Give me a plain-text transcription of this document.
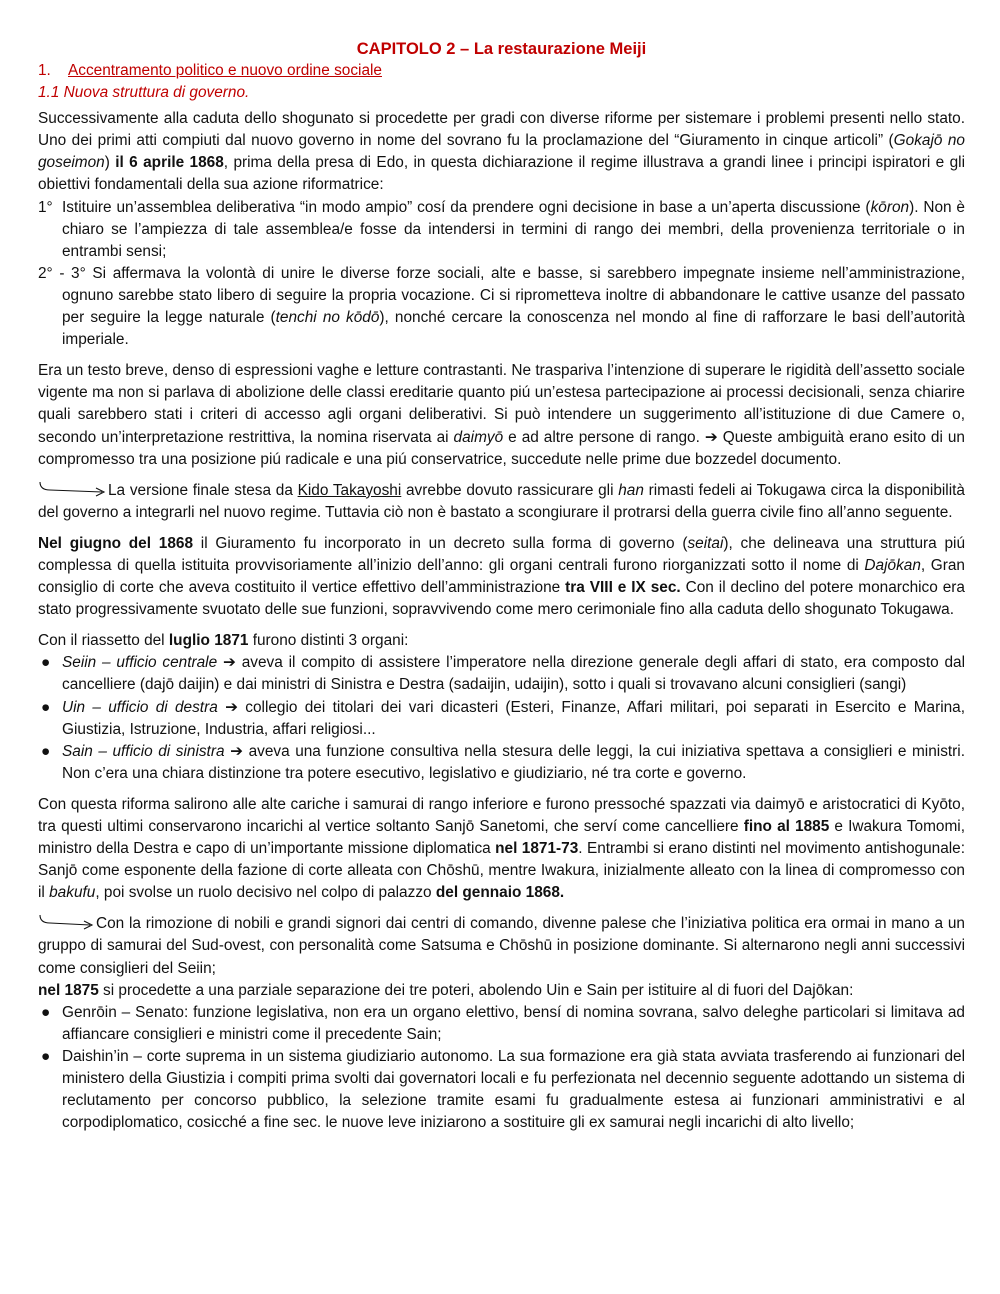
CAPITOLO 2 – La restaurazione Meiji
1. Accentramento politico e nuovo ordine sociale
1.1 Nuova struttura di governo.

Successivamente alla caduta dello shogunato si procedette per gradi con diverse riforme per sistemare i problemi presenti nello stato. Uno dei primi atti compiuti dal nuovo governo in nome del sovrano fu la proclamazione del “Giuramento in cinque articoli” (Gokajō no goseimon) il 6 aprile 1868, prima della presa di Edo, in questa dichiarazione il regime illustrava a grandi linee i principi ispiratori e gli obiettivi fondamentali della sua azione riformatrice:

1° Istituire un’assemblea deliberativa “in modo ampio” cosí da prendere ogni decisione in base a un’aperta discussione (kōron). Non è chiaro se l’ampiezza di tale assemblea/e fosse da intendersi in termini di rango dei membri, della provenienza territoriale o in entrambi sensi;
2° - 3° Si affermava la volontà di unire le diverse forze sociali, alte e basse, si sarebbero impegnate insieme nell’amministrazione, ognuno sarebbe stato libero di seguire la propria vocazione. Ci si riprometteva inoltre di abbandonare le cattive usanze del passato per seguire la legge naturale (tenchi no kōdō), nonché cercare la conoscenza nel mondo al fine di rafforzare le basi dell’autorità imperiale.

Era un testo breve, denso di espressioni vaghe e letture contrastanti. Ne traspariva l’intenzione di superare le rigidità dell’assetto sociale vigente ma non si parlava di abolizione delle classi ereditarie quanto piú un’estesa partecipazione ai processi decisionali, senza chiarire quali sarebbero stati i criteri di accesso agli organi deliberativi. Si può intendere un suggerimento all’istituzione di due Camere o, secondo un’interpretazione restrittiva, la nomina riservata ai daimyō e ad altre persone di rango. ➔ Queste ambiguità erano esito di un compromesso tra una posizione piú radicale e una piú conservatrice, succedute nelle prime due bozzedel documento.

La versione finale stesa da Kido Takayoshi avrebbe dovuto rassicurare gli han rimasti fedeli ai Tokugawa circa la disponibilità del governo a integrarli nel nuovo regime. Tuttavia ciò non è bastato a scongiurare il protrarsi della guerra civile fino all’anno seguente.

Nel giugno del 1868 il Giuramento fu incorporato in un decreto sulla forma di governo (seitai), che delineava una struttura piú complessa di quella istituita provvisoriamente all’inizio dell’anno: gli organi centrali furono riorganizzati sotto il nome di Dajōkan, Gran consiglio di corte che aveva costituito il vertice effettivo dell’amministrazione tra VIII e IX sec. Con il declino del potere monarchico era stato progressivamente svuotato delle sue funzioni, sopravvivendo come mero cerimoniale fino alla caduta dello shogunato Tokugawa.

Con il riassetto del luglio 1871 furono distinti 3 organi:

● Seiin – ufficio centrale ➔ aveva il compito di assistere l’imperatore nella direzione generale degli affari di stato, era composto dal cancelliere (dajō daijin) e dai ministri di Sinistra e Destra (sadaijin, udaijin), sotto i quali si trovavano alcuni consiglieri (sangi)
● Uin – ufficio di destra ➔ collegio dei titolari dei vari dicasteri (Esteri, Finanze, Affari militari, poi separati in Esercito e Marina, Giustizia, Istruzione, Industria, affari religiosi...
● Sain – ufficio di sinistra ➔ aveva una funzione consultiva nella stesura delle leggi, la cui iniziativa spettava a consiglieri e ministri. Non c’era una chiara distinzione tra potere esecutivo, legislativo e giudiziario, né tra corte e governo.

Con questa riforma salirono alle alte cariche i samurai di rango inferiore e furono pressoché spazzati via daimyō e aristocratici di Kyōto, tra questi ultimi conservarono incarichi al vertice soltanto Sanjō Sanetomi, che serví come cancelliere fino al 1885 e Iwakura Tomomi, ministro della Destra e capo di un’importante missione diplomatica nel 1871-73. Entrambi si erano distinti nel movimento antishogunale: Sanjō come esponente della fazione di corte alleata con Chōshū, mentre Iwakura, inizialmente alleato con la linea di compromesso con il bakufu, poi svolse un ruolo decisivo nel colpo di palazzo del gennaio 1868.

Con la rimozione di nobili e grandi signori dai centri di comando, divenne palese che l’iniziativa politica era ormai in mano a un gruppo di samurai del Sud-ovest, con personalità come Satsuma e Chōshū in posizione dominante. Si alternarono negli anni successivi come consiglieri del Seiin;

nel 1875 si procedette a una parziale separazione dei tre poteri, abolendo Uin e Sain per istituire al di fuori del Dajōkan:

● Genrōin – Senato: funzione legislativa, non era un organo elettivo, bensí di nomina sovrana, salvo deleghe particolari si limitava ad affiancare consiglieri e ministri come il precedente Sain;
● Daishin’in – corte suprema in un sistema giudiziario autonomo. La sua formazione era già stata avviata trasferendo ai funzionari del ministero della Giustizia i compiti prima svolti dai governatori locali e fu perfezionata nel decennio seguente adottando un sistema di reclutamento per concorso pubblico, la selezione tramite esami fu gradualmente estesa ai funzionari amministrativi e al corpodiplomatico, cosicché a fine sec. le nuove leve iniziarono a sostituire gli ex samurai negli incarichi di alto livello;
